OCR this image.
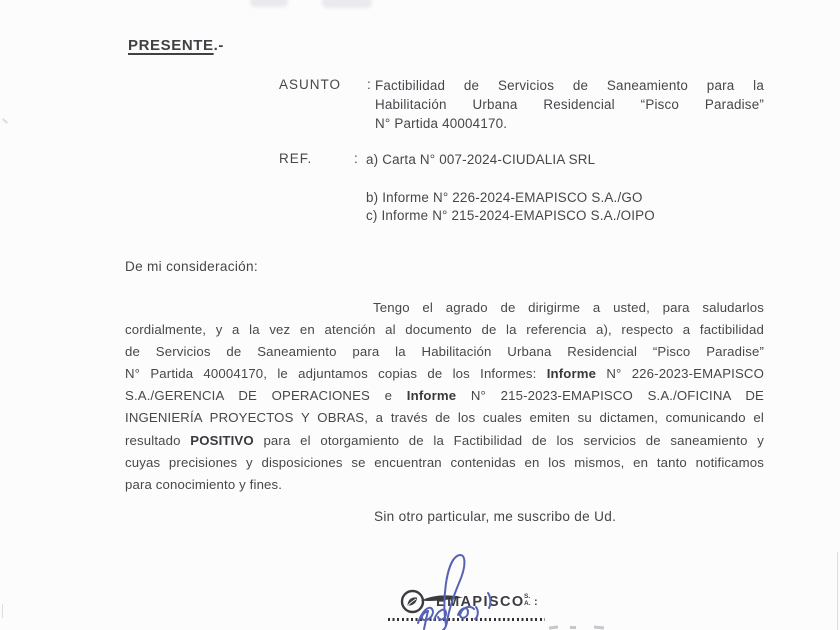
PRESENTE.-
ASUNTO : Factibilidad de Servicios de Saneamiento para la
Habilitación Urbana Residencial “Pisco Paradise”
N° Partida 40004170.
REF.	: a) Carta N° 007-2024-CIUDALIA SRL
b) Informe N° 226-2024-EMAPISCO S.A./GO
c) Informe N° 215-2024-EMAPISCO S.A./OIPO
De mi consideración:
Tengo el agrado de dirigirme a usted, para saludarlos
cordialmente, y a la vez en atención al documento de la referencia a), respecto a factibilidad
de Servicios de Saneamiento para la Habilitación Urbana Residencial “Pisco Paradise”
N° Partida 40004170, le adjuntamos copias de los Informes: Informe N° 226-2023-EMAPISCO
S.A./GERENCIA DE OPERACIONES e Informe N° 215-2023-EMAPISCO S.A./OFICINA DE
INGENIERÍA PROYECTOS Y OBRAS, a través de los cuales emiten su dictamen, comunicando el
resultado POSITIVO para el otorgamiento de la Factibilidad de los servicios de saneamiento y
cuyas precisiones y disposiciones se encuentran contenidas en los mismos, en tanto notificamos
para conocimiento y fines.
Sin otro particular, me suscribo de Ud.
EMAPISCO S.
A. :
